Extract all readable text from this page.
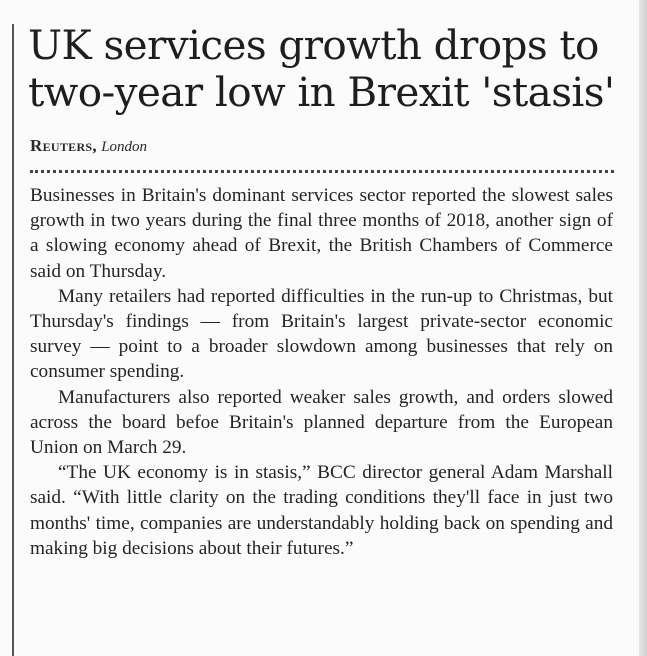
UK services growth drops to two-year low in Brexit 'stasis'
Reuters, London

Businesses in Britain's dominant services sector reported the slowest sales growth in two years during the final three months of 2018, another sign of a slowing economy ahead of Brexit, the British Chambers of Commerce said on Thursday.

Many retailers had reported difficulties in the run-up to Christmas, but Thursday's findings — from Britain's largest private-sector economic survey — point to a broader slowdown among businesses that rely on consumer spending.

Manufacturers also reported weaker sales growth, and orders slowed across the board befoe Britain's planned departure from the European Union on March 29.

“The UK economy is in stasis,” BCC director general Adam Marshall said. “With little clarity on the trading conditions they'll face in just two months' time, companies are understandably holding back on spending and making big decisions about their futures.”
